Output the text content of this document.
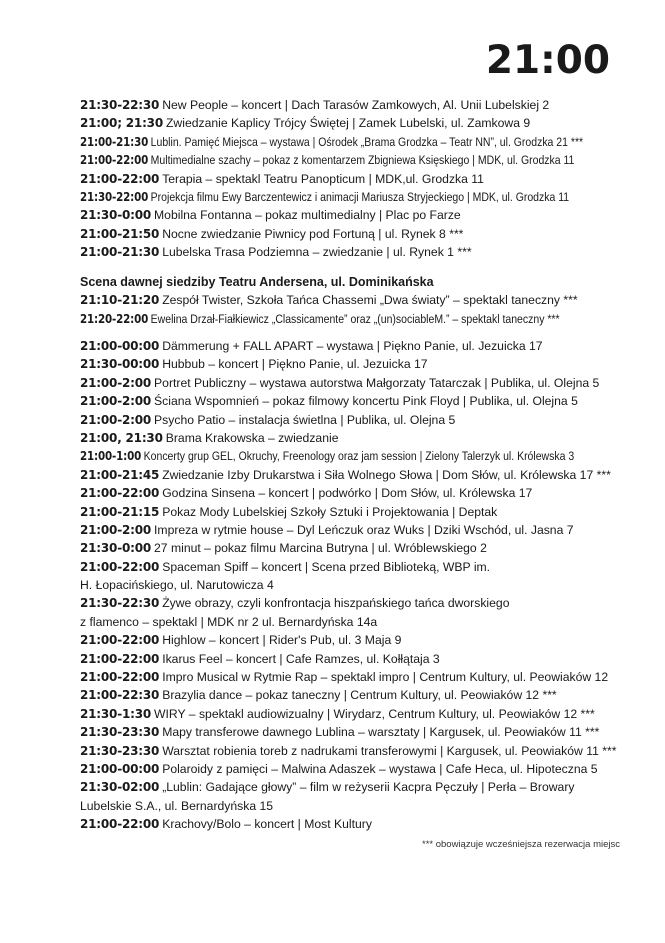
21:00
21:30-22:30 New People – koncert | Dach Tarasów Zamkowych, Al. Unii Lubelskiej 2
21:00; 21:30 Zwiedzanie Kaplicy Trójcy Świętej | Zamek Lubelski, ul. Zamkowa 9
21:00-21:30 Lublin. Pamięć Miejsca – wystawa | Ośrodek „Brama Grodzka – Teatr NN”, ul. Grodzka 21 ***
21:00-22:00 Multimedialne szachy – pokaz z komentarzem Zbigniewa Księskiego | MDK, ul. Grodzka 11
21:00-22:00 Terapia – spektakl Teatru Panopticum | MDK,ul. Grodzka 11
21:30-22:00 Projekcja filmu Ewy Barczentewicz i animacji Mariusza Stryjeckiego | MDK, ul. Grodzka 11
21:30-0:00 Mobilna Fontanna – pokaz multimedialny | Plac po Farze
21:00-21:50 Nocne zwiedzanie Piwnicy pod Fortuną | ul. Rynek 8 ***
21:00-21:30 Lubelska Trasa Podziemna – zwiedzanie | ul. Rynek 1 ***
Scena dawnej siedziby Teatru Andersena, ul. Dominikańska
21:10-21:20 Zespół Twister, Szkoła Tańca Chassemi „Dwa światy” – spektakl taneczny ***
21:20-22:00 Ewelina Drzał-Fiałkiewicz „Classicamente” oraz „(un)sociableM.” – spektakl taneczny ***
21:00-00:00 Dämmerung + FALL APART – wystawa | Piękno Panie, ul. Jezuicka 17
21:30-00:00 Hubbub – koncert | Piękno Panie, ul. Jezuicka 17
21:00-2:00 Portret Publiczny – wystawa autorstwa Małgorzaty Tatarczak | Publika, ul. Olejna 5
21:00-2:00 Ściana Wspomnień – pokaz filmowy koncertu Pink Floyd | Publika, ul. Olejna 5
21:00-2:00 Psycho Patio – instalacja świetlna | Publika, ul. Olejna 5
21:00, 21:30 Brama Krakowska – zwiedzanie
21:00-1:00 Koncerty grup GEL, Okruchy, Freenology oraz jam session | Zielony Talerzyk ul. Królewska 3
21:00-21:45 Zwiedzanie Izby Drukarstwa i Siła Wolnego Słowa | Dom Słów, ul. Królewska 17 ***
21:00-22:00 Godzina Sinsena – koncert | podwórko | Dom Słów, ul. Królewska 17
21:00-21:15 Pokaz Mody Lubelskiej Szkoły Sztuki i Projektowania | Deptak
21:00-2:00 Impreza w rytmie house – Dyl Leńczuk oraz Wuks | Dziki Wschód, ul. Jasna 7
21:30-0:00 27 minut – pokaz filmu Marcina Butryna | ul. Wróblewskiego 2
21:00-22:00 Spaceman Spiff – koncert | Scena przed Biblioteką, WBP im.
H. Łopacińskiego, ul. Narutowicza 4
21:30-22:30 Żywe obrazy, czyli konfrontacja hiszpańskiego tańca dworskiego
z flamenco – spektakl | MDK nr 2 ul. Bernardyńska 14a
21:00-22:00 Highlow – koncert | Rider's Pub, ul. 3 Maja 9
21:00-22:00 Ikarus Feel – koncert | Cafe Ramzes, ul. Kołłątaja 3
21:00-22:00 Impro Musical w Rytmie Rap – spektakl impro | Centrum Kultury, ul. Peowiaków 12
21:00-22:30 Brazylia dance – pokaz taneczny | Centrum Kultury, ul. Peowiaków 12 ***
21:30-1:30 WIRY – spektakl audiowizualny | Wirydarz, Centrum Kultury, ul. Peowiaków 12 ***
21:30-23:30 Mapy transferowe dawnego Lublina – warsztaty | Kargusek, ul. Peowiaków 11 ***
21:30-23:30 Warsztat robienia toreb z nadrukami transferowymi | Kargusek, ul. Peowiaków 11 ***
21:00-00:00 Polaroidy z pamięci – Malwina Adaszek – wystawa | Cafe Heca, ul. Hipoteczna 5
21:30-02:00 „Lublin: Gadające głowy” – film w reżyserii Kacpra Pęczuły | Perła – Browary
Lubelskie S.A., ul. Bernardyńska 15
21:00-22:00 Krachovy/Bolo – koncert | Most Kultury
*** obowiązuje wcześniejsza rezerwacja miejsc
